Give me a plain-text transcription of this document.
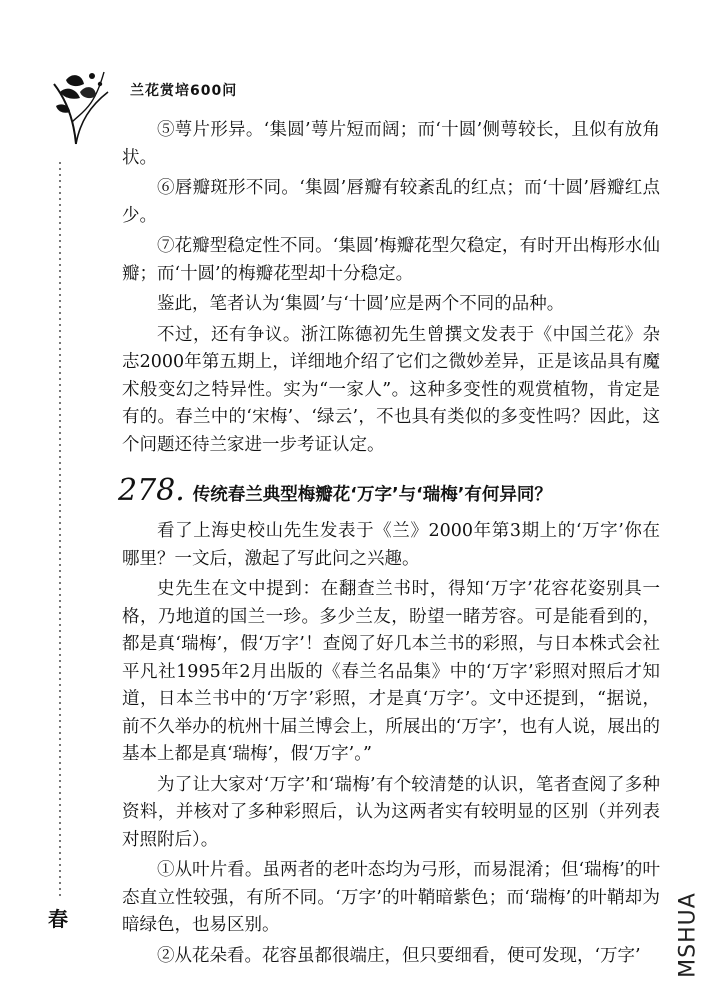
兰花赏培600问

⑤萼片形异。‘集圆’萼片短而阔；而‘十圆’侧萼较长，且似有放角状。

⑥唇瓣斑形不同。‘集圆’唇瓣有较紊乱的红点；而‘十圆’唇瓣红点少。

⑦花瓣型稳定性不同。‘集圆’梅瓣花型欠稳定，有时开出梅形水仙瓣；而‘十圆’的梅瓣花型却十分稳定。

鉴此，笔者认为‘集圆’与‘十圆’应是两个不同的品种。

不过，还有争议。浙江陈德初先生曾撰文发表于《中国兰花》杂志2000年第五期上，详细地介绍了它们之微妙差异，正是该品具有魔术般变幻之特异性。实为“一家人”。这种多变性的观赏植物，肯定是有的。春兰中的‘宋梅’、‘绿云’，不也具有类似的多变性吗？因此，这个问题还待兰家进一步考证认定。

278. 传统春兰典型梅瓣花‘万字’与‘瑞梅’有何异同？

看了上海史校山先生发表于《兰》2000年第3期上的‘万字’你在哪里？一文后，激起了写此问之兴趣。

史先生在文中提到：在翻查兰书时，得知‘万字’花容花姿别具一格，乃地道的国兰一珍。多少兰友，盼望一睹芳容。可是能看到的，都是真‘瑞梅’，假‘万字’！查阅了好几本兰书的彩照，与日本株式会社平凡社1995年2月出版的《春兰名品集》中的‘万字’彩照对照后才知道，日本兰书中的‘万字’彩照，才是真‘万字’。文中还提到，“据说，前不久举办的杭州十届兰博会上，所展出的‘万字’，也有人说，展出的基本上都是真‘瑞梅’，假‘万字’。”

为了让大家对‘万字’和‘瑞梅’有个较清楚的认识，笔者查阅了多种资料，并核对了多种彩照后，认为这两者实有较明显的区别（并列表对照附后）。

①从叶片看。虽两者的老叶态均为弓形，而易混淆；但‘瑞梅’的叶态直立性较强，有所不同。‘万字’的叶鞘暗紫色；而‘瑞梅’的叶鞘却为暗绿色，也易区别。

②从花朵看。花容虽都很端庄，但只要细看，便可发现，‘万字’

春	MSHUA
